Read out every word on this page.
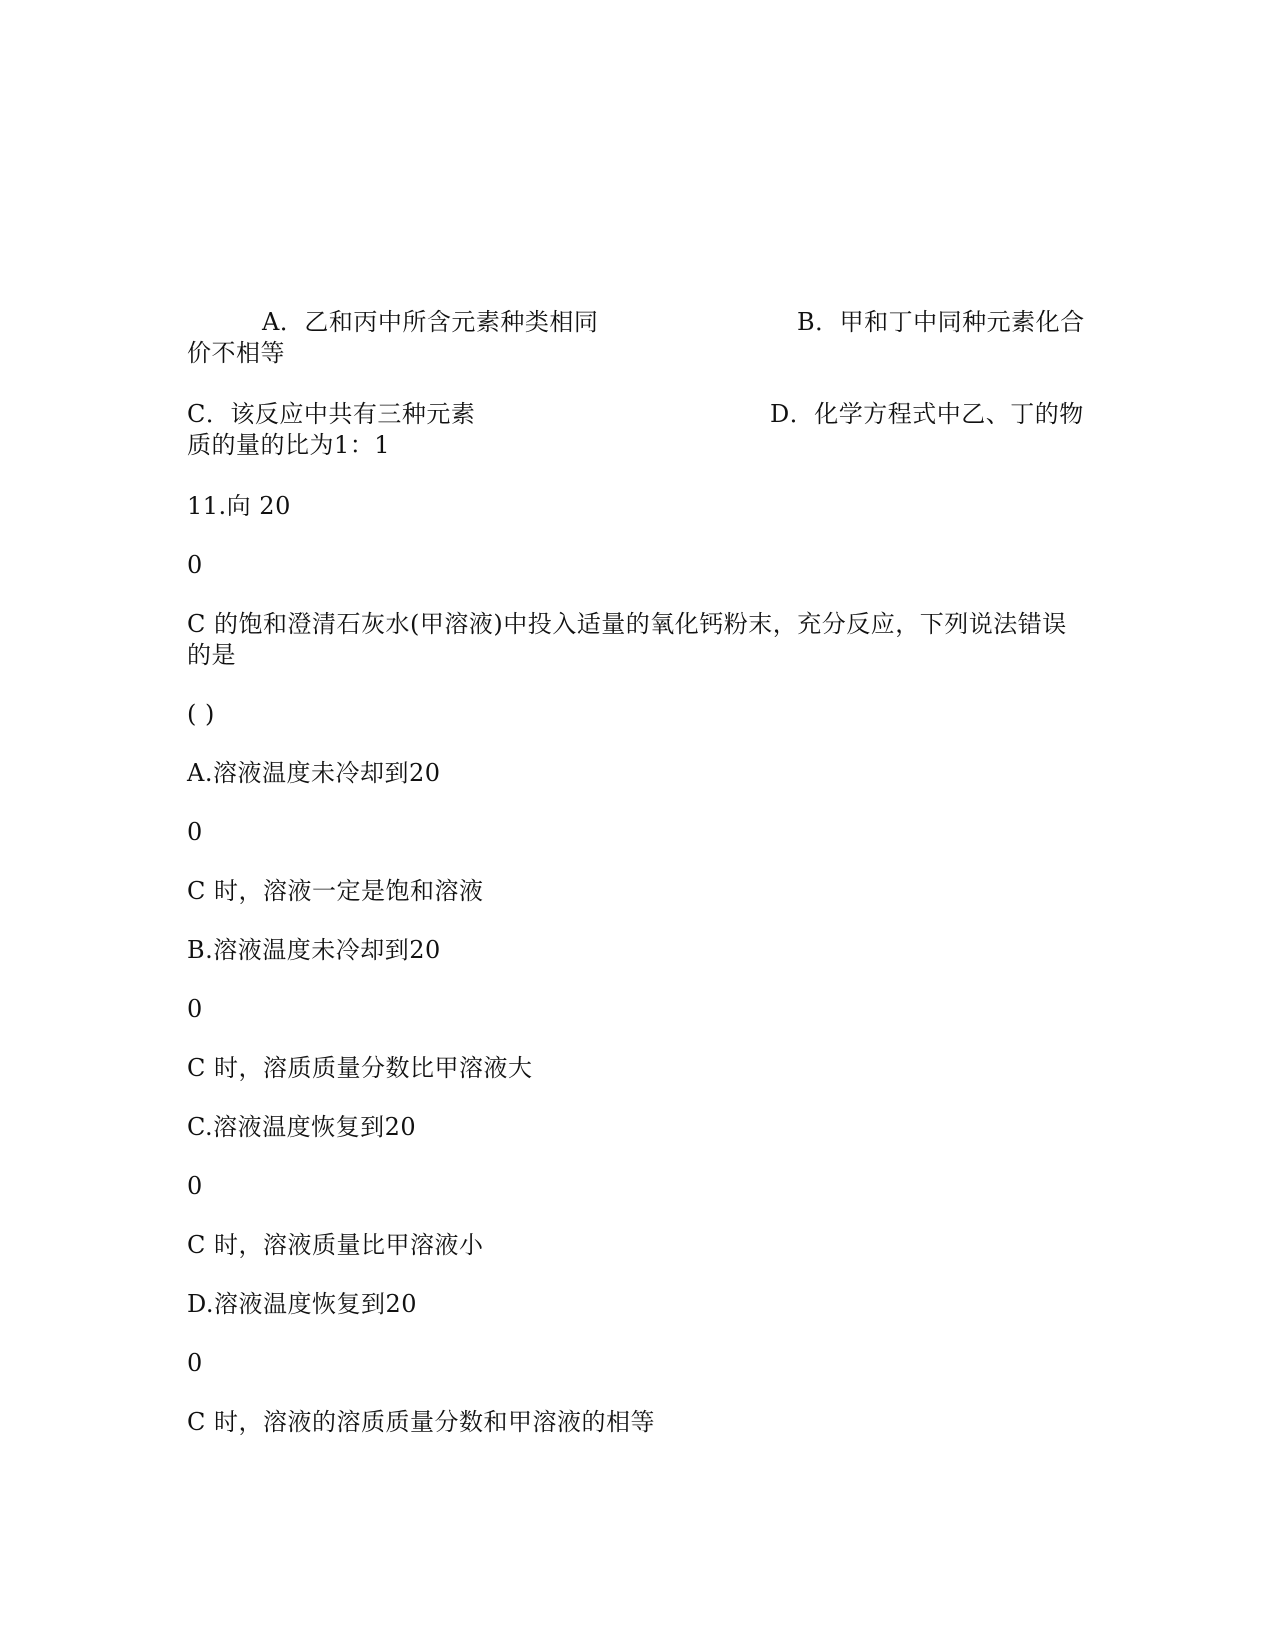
A．乙和丙中所含元素种类相同	B．甲和丁中同种元素化合
价不相等
C．该反应中共有三种元素	D．化学方程式中乙、丁的物
质的量的比为1：1
11.向 20
0
C 的饱和澄清石灰水(甲溶液)中投入适量的氧化钙粉末，充分反应，下列说法错误
的是
( )
A.溶液温度未冷却到20
0
C 时，溶液一定是饱和溶液
B.溶液温度未冷却到20
0
C 时，溶质质量分数比甲溶液大
C.溶液温度恢复到20
0
C 时，溶液质量比甲溶液小
D.溶液温度恢复到20
0
C 时，溶液的溶质质量分数和甲溶液的相等
